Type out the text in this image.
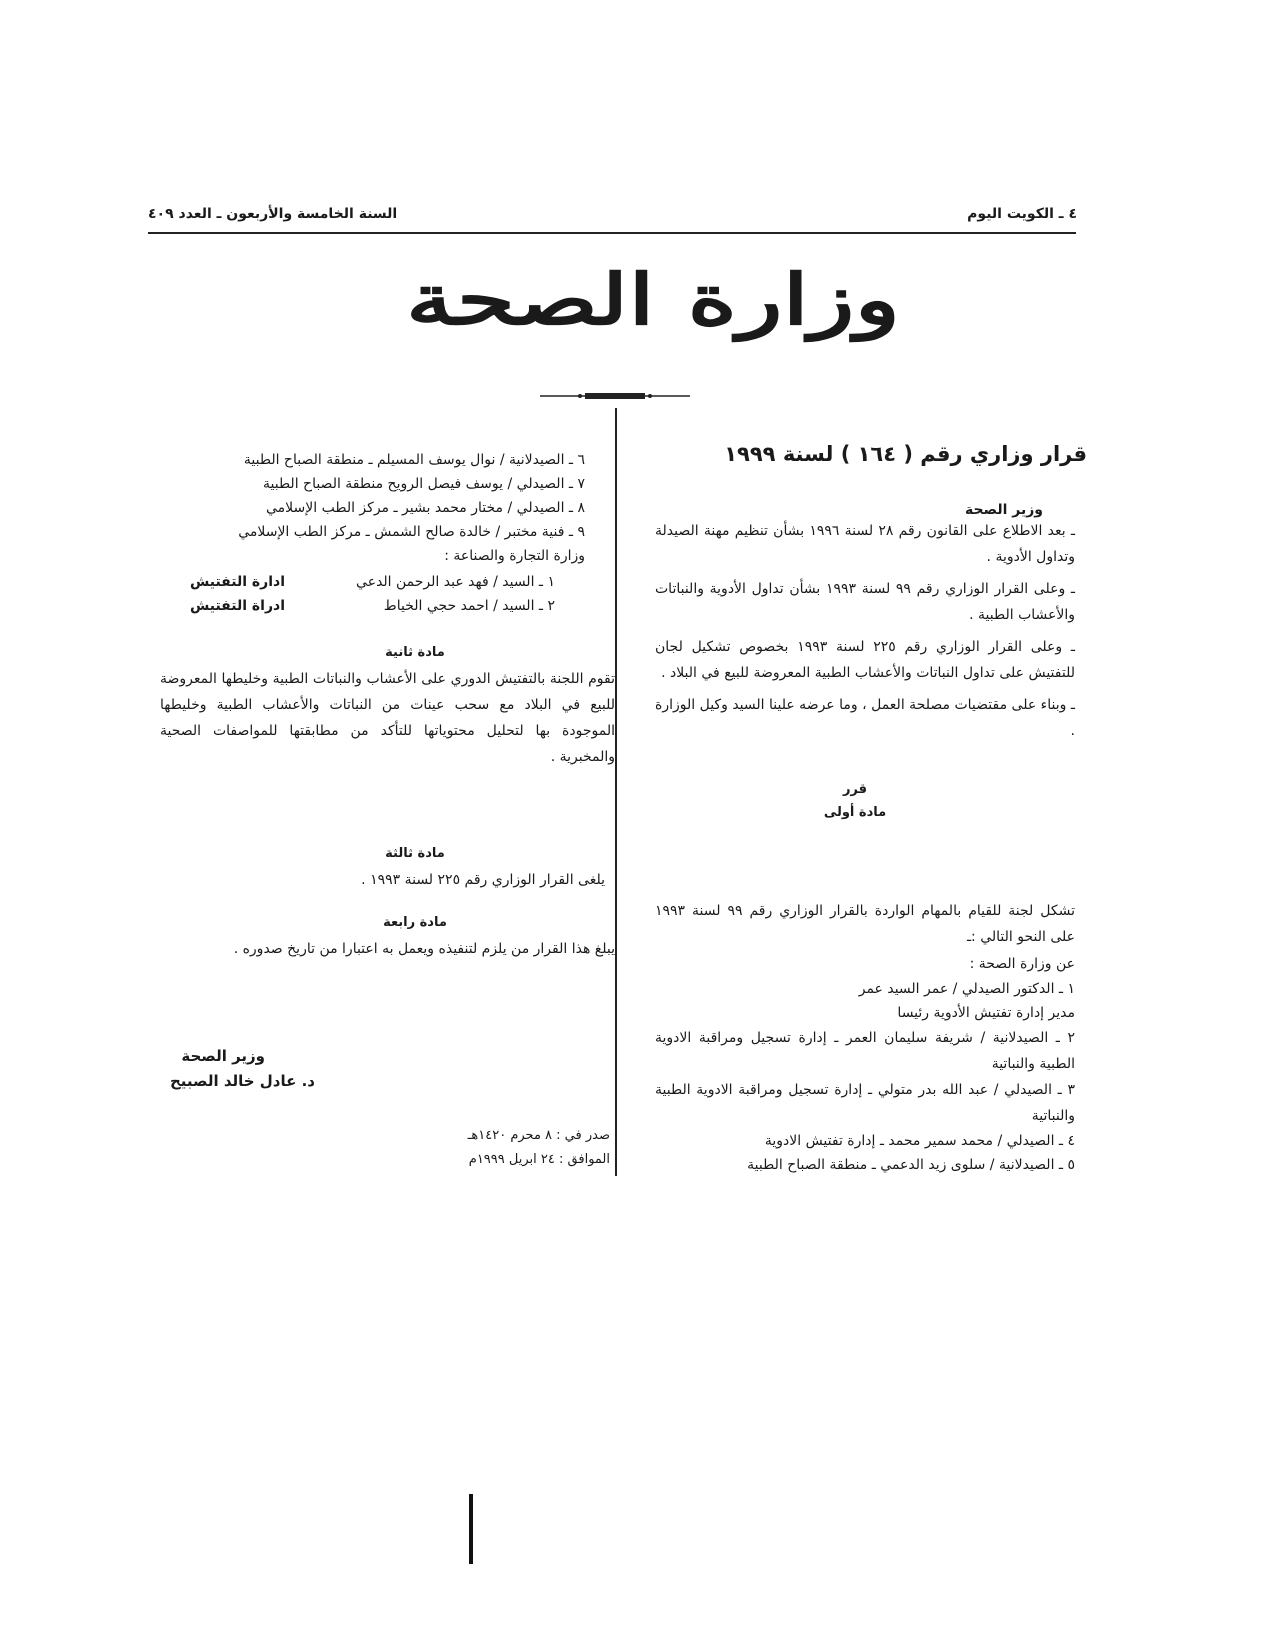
٤ ـ الكويت اليوم
السنة الخامسة والأربعون ـ العدد ٤٠٩
وزارة الصحة
قرار وزاري رقم ( ١٦٤ ) لسنة ١٩٩٩
وزير الصحة

ـ بعد الاطلاع على القانون رقم ٢٨ لسنة ١٩٩٦ بشأن تنظيم مهنة الصيدلة وتداول الأدوية .

ـ وعلى القرار الوزاري رقم ٩٩ لسنة ١٩٩٣ بشأن تداول الأدوية والنباتات والأعشاب الطبية .

ـ وعلى القرار الوزاري رقم ٢٢٥ لسنة ١٩٩٣ بخصوص تشكيل لجان للتفتيش على تداول النباتات والأعشاب الطبية المعروضة للبيع في البلاد .

ـ وبناء على مقتضيات مصلحة العمل ، وما عرضه علينا السيد وكيل الوزارة .

قرر
مادة أولى

تشكل لجنة للقيام بالمهام الواردة بالقرار الوزاري رقم ٩٩ لسنة ١٩٩٣ على النحو التالي :ـ

عن وزارة الصحة :
١ ـ الدكتور الصيدلي / عمر السيد عمر
مدير إدارة تفتيش الأدوية رئيسا
٢ ـ الصيدلانية / شريفة سليمان العمر ـ إدارة تسجيل ومراقبة الادوية الطبية والنباتية
٣ ـ الصيدلي / عبد الله بدر متولي ـ إدارة تسجيل ومراقبة الادوية الطبية والنباتية
٤ ـ الصيدلي / محمد سمير محمد ـ إدارة تفتيش الادوية
٥ ـ الصيدلانية / سلوى زيد الدعمي ـ منطقة الصباح الطبية
٦ ـ الصيدلانية / نوال يوسف المسيلم ـ منطقة الصباح الطبية
٧ ـ الصيدلي / يوسف فيصل الرويح منطقة الصباح الطبية
٨ ـ الصيدلي / مختار محمد بشير ـ مركز الطب الإسلامي
٩ ـ فنية مختبر / خالدة صالح الشمش ـ مركز الطب الإسلامي
وزارة التجارة والصناعة :
١ ـ السيد / فهد عبد الرحمن الدعي
ادارة التفتيش
٢ ـ السيد / احمد حجي الخياط
ادراة التفتيش
مادة ثانية

تقوم اللجنة بالتفتيش الدوري على الأعشاب والنباتات الطبية وخليطها المعروضة للبيع في البلاد مع سحب عينات من النباتات والأعشاب الطبية وخليطها الموجودة بها لتحليل محتوياتها للتأكد من مطابقتها للمواصفات الصحية والمخبرية .

مادة ثالثة
يلغى القرار الوزاري رقم ٢٢٥ لسنة ١٩٩٣ .
مادة رابعة

يبلغ هذا القرار من يلزم لتنفيذه ويعمل به اعتبارا من تاريخ صدوره .

وزير الصحة
د. عادل خالد الصبيح
صدر في : ٨ محرم ١٤٢٠هـ
الموافق : ٢٤ ابريل ١٩٩٩م
